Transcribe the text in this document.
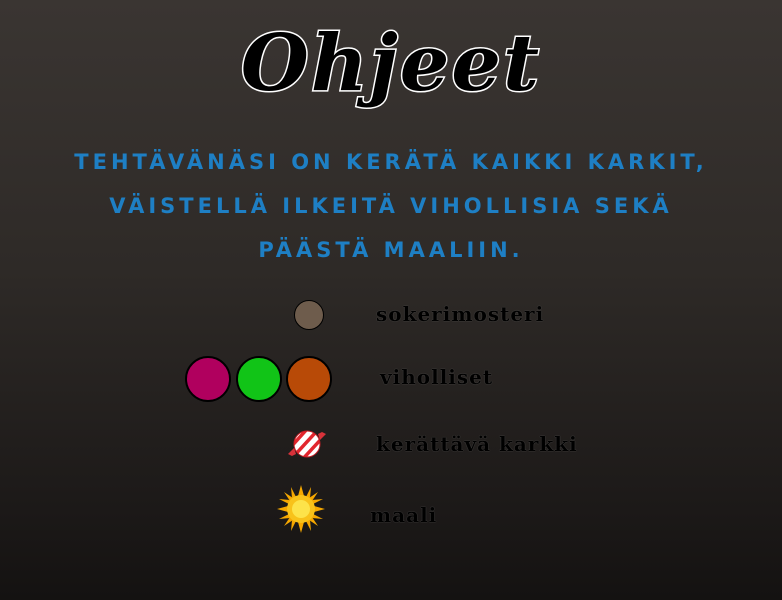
Ohjeet
TEHTÄVÄNÄSI ON KERÄTÄ KAIKKI KARKIT,
VÄISTELLÄ ILKEITÄ VIHOLLISIA SEKÄ
PÄÄSTÄ MAALIIN.
sokerimosteri
viholliset
kerättävä karkki
maali
